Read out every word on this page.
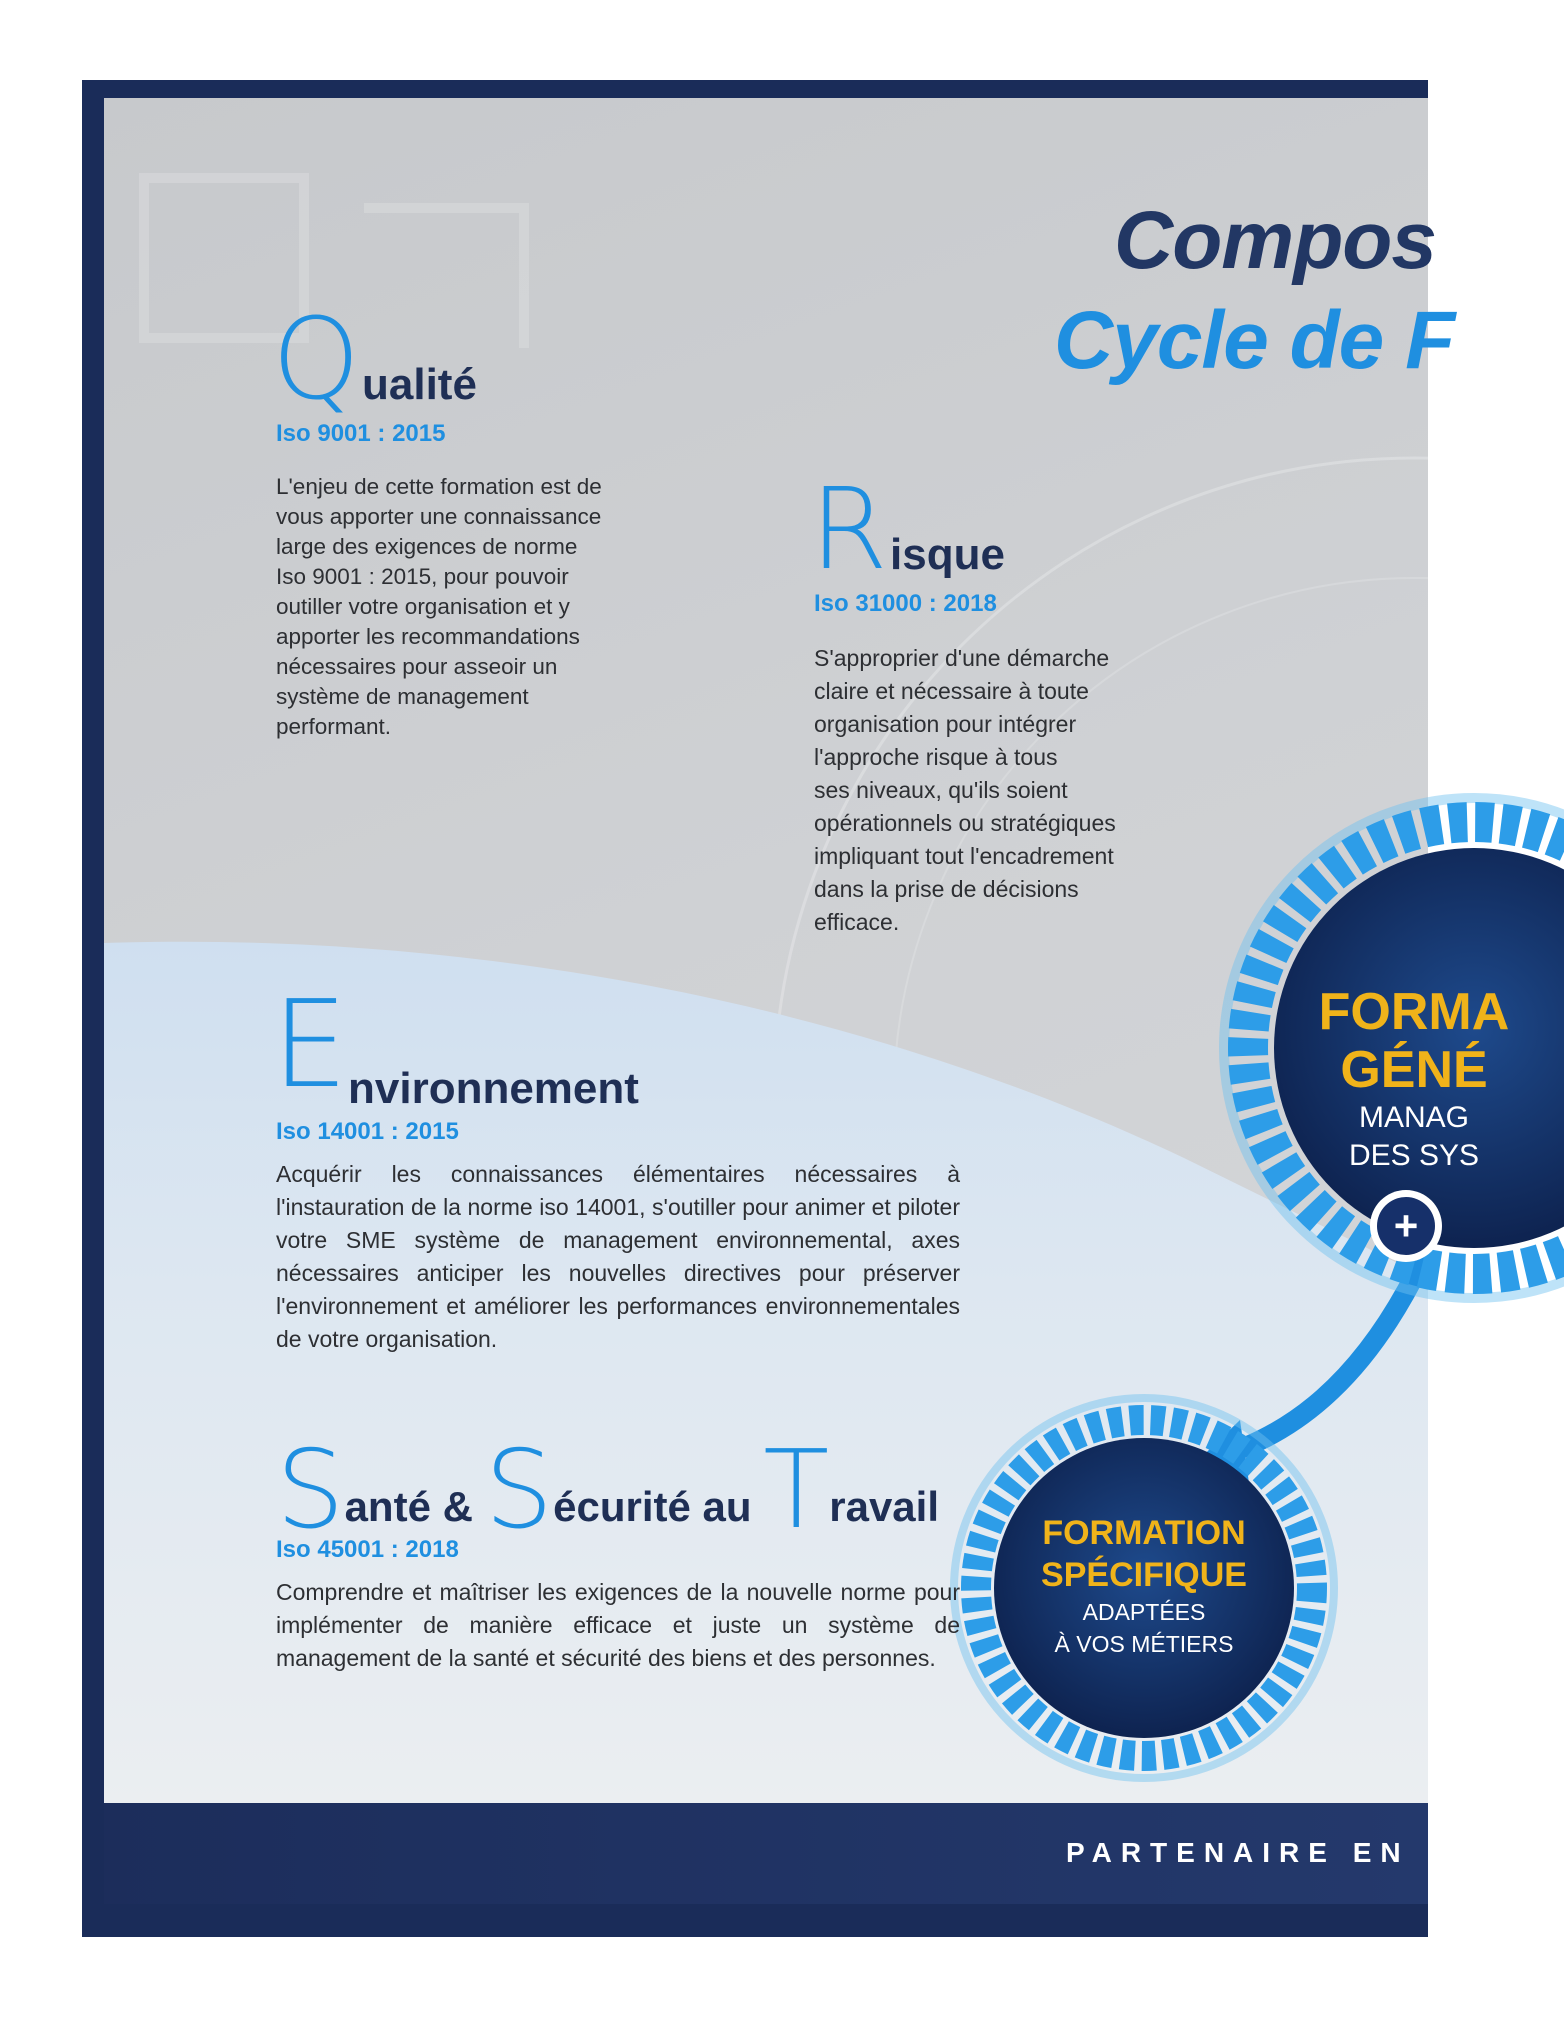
+
Compos
Cycle de F
Q ualité
Iso 9001 : 2015
L'enjeu de cette formation est de
vous apporter une connaissance
large des exigences de norme
Iso 9001 : 2015, pour pouvoir
outiller votre organisation et y
apporter les recommandations
nécessaires pour asseoir un
système de management
performant.
R isque
Iso 31000 : 2018
S'approprier d'une démarche
claire et nécessaire à toute
organisation pour intégrer
l'approche risque à tous
ses niveaux, qu'ils soient
opérationnels ou stratégiques
impliquant tout l'encadrement
dans la prise de décisions
efficace.
E nvironnement
Iso 14001 : 2015
Acquérir les connaissances élémentaires nécessaires à l'instauration de la norme iso 14001, s'outiller pour animer et piloter votre SME système de management environnemental, axes nécessaires anticiper les nouvelles directives pour préserver l'environnement et améliorer les performances environnementales de votre organisation.
Santé & Sécurité au Travail
Iso 45001 : 2018
Comprendre et maîtriser les exigences de la nouvelle norme pour implémenter de manière efficace et juste un système de management de la santé et sécurité des biens et des personnes.
FORMATION
SPÉCIFIQUE
ADAPTÉES
À VOS MÉTIERS
FORMA
GÉNÉ
MANAG
DES SYS
PARTENAIRE EN
